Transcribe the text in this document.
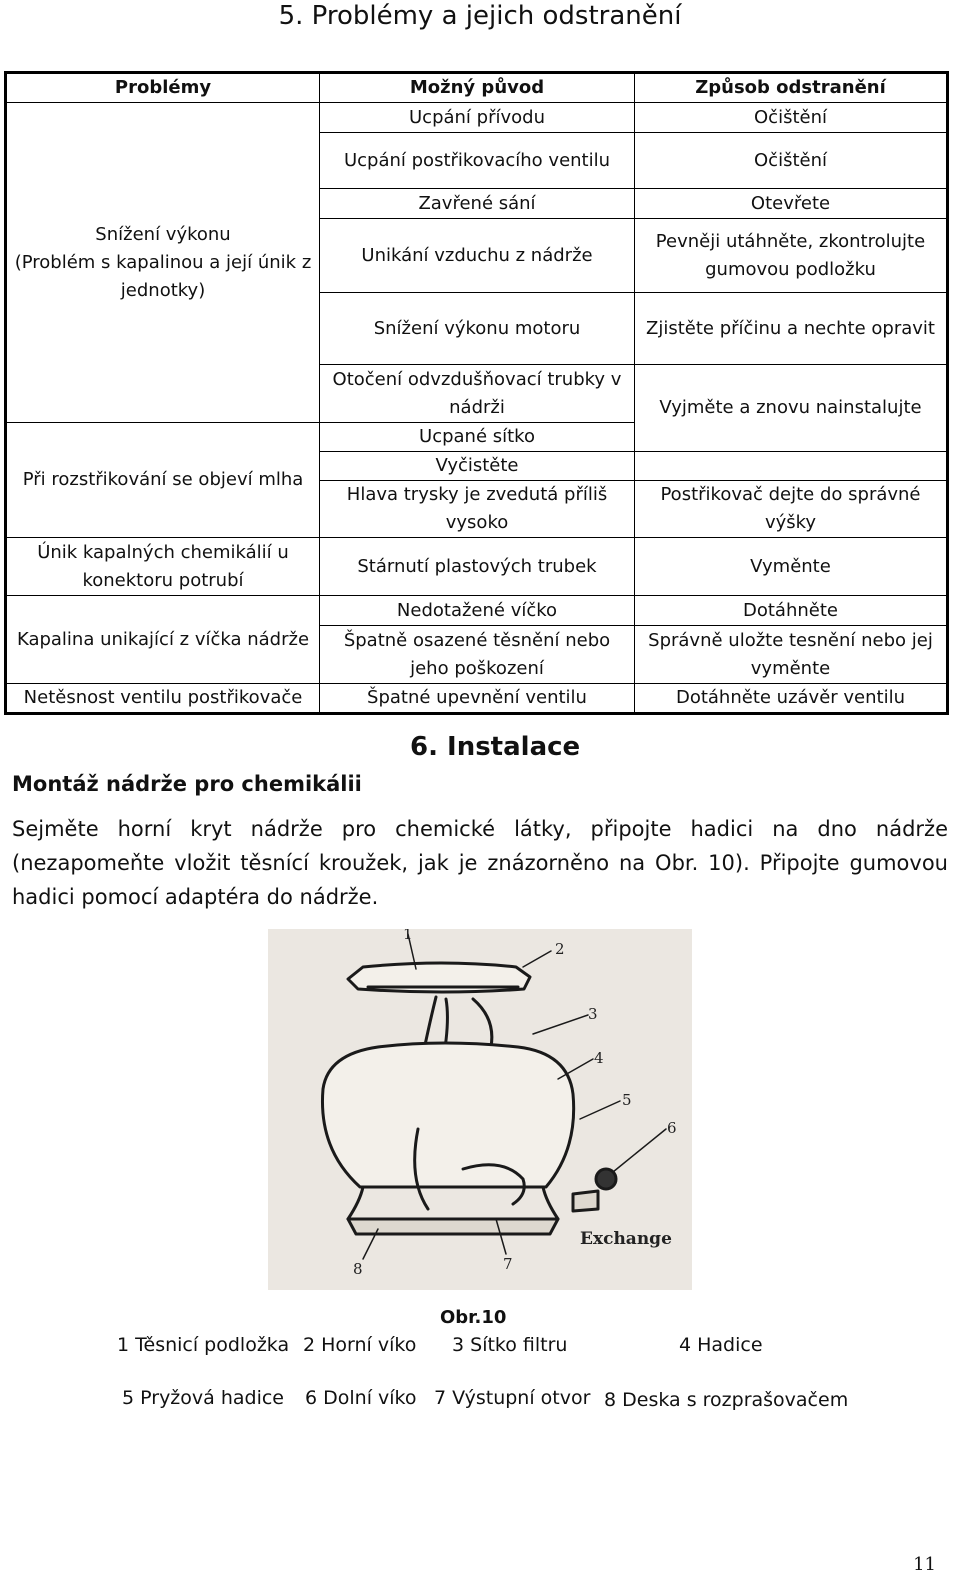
5. Problémy a jejich odstranění
Problémy	Možný původ	Způsob odstranění
Snížení výkonu
(Problém s kapalinou a její únik z jednotky)	Ucpání přívodu	Očištění
	Ucpání postřikovacího ventilu	Očištění
	Zavřené sání	Otevřete
	Unikání vzduchu z nádrže	Pevněji utáhněte, zkontrolujte gumovou podložku
	Snížení výkonu motoru	Zjistěte příčinu a nechte opravit
	Otočení odvzdušňovací trubky v nádrži	Vyjměte a znovu nainstalujte
Při rozstřikování se objeví mlha	Ucpané sítko	
	Vyčistěte	
	Hlava trysky je zvedutá příliš vysoko	Postřikovač dejte do správné výšky
Únik kapalných chemikálií u konektoru potrubí	Stárnutí plastových trubek	Vyměnte
Kapalina unikající z víčka nádrže	Nedotažené víčko	Dotáhněte
	Špatně osazené těsnění nebo jeho poškození	Správně uložte tesnění nebo jej vyměnte
Netěsnost ventilu postřikovače	Špatné upevnění ventilu	Dotáhněte uzávěr ventilu
6. Instalace
Montáž nádrže pro chemikálii
Sejměte horní kryt nádrže pro chemické látky, připojte hadici na dno nádrže (nezapomeňte vložit těsnící kroužek, jak je znázorněno na Obr. 10). Připojte gumovou hadici pomocí adaptéra do nádrže.
1
2
3
4
5
6
7
8
Exchange
Obr.10
1 Těsnicí podložka 2 Horní víko 3 Sítko filtru	4 Hadice
5 Pryžová hadice 6 Dolní víko 7 Výstupní otvor 8 Deska s rozprašovačem
11
